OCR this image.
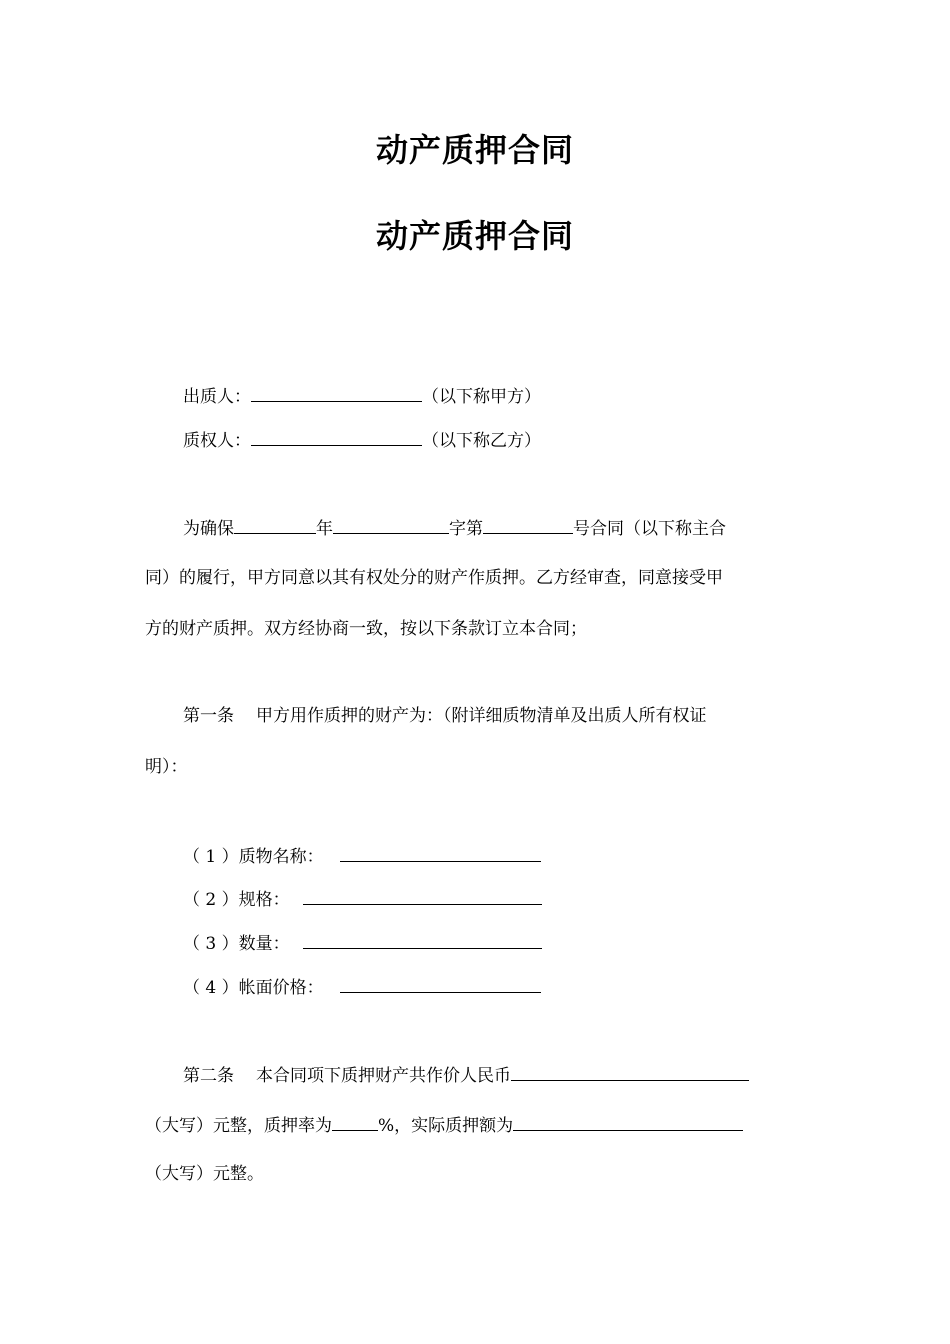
动产质押合同
动产质押合同
出质人：	（以下称甲方）
质权人：	（以下称乙方）
为确保	年	字第	号合同（以下称主合
同）的履行，甲方同意以其有权处分的财产作质押。乙方经审查，同意接受甲
方的财产质押。双方经协商一致，按以下条款订立本合同；
第一条 甲方用作质押的财产为：（附详细质物清单及出质人所有权证
明）：
（ 1 ）质物名称：
（ 2 ）规格：
（ 3 ）数量：
（ 4 ）帐面价格：
第二条 本合同项下质押财产共作价人民币
（大写）元整，质押率为	%，实际质押额为
（大写）元整。
